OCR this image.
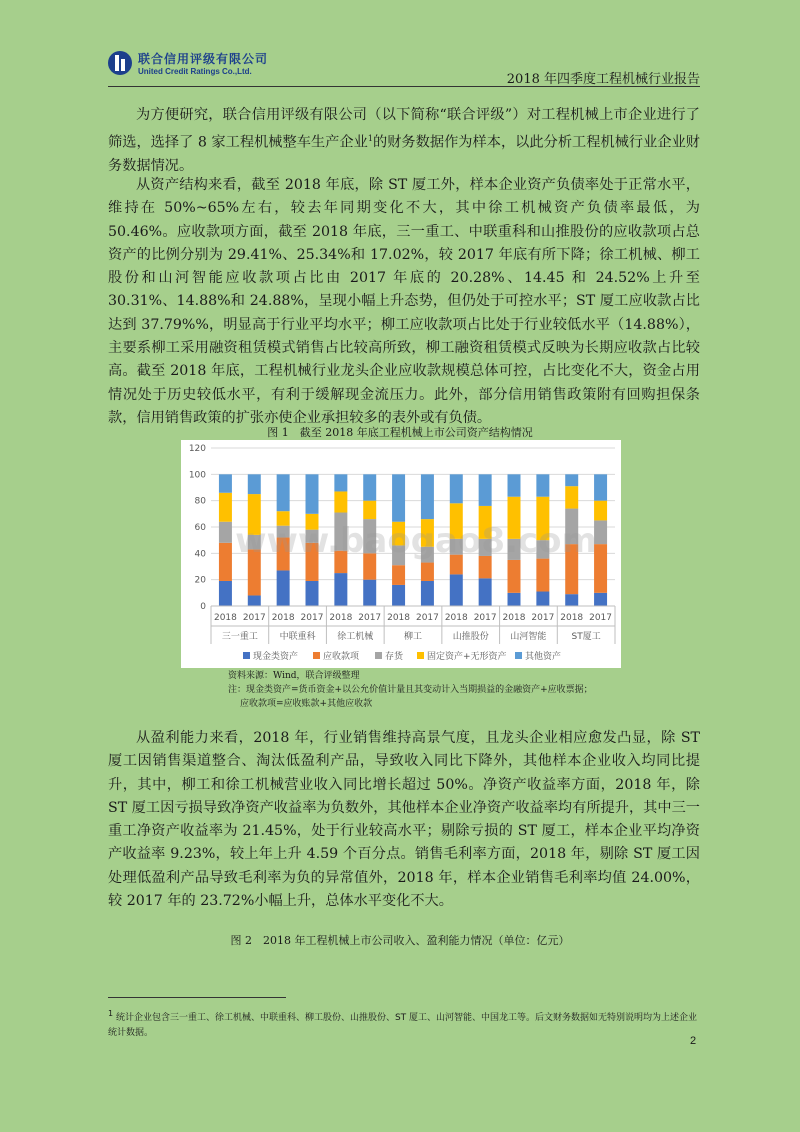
联合信用评级有限公司
United Credit Ratings Co.,Ltd.
2018 年四季度工程机械行业报告

为方便研究，联合信用评级有限公司（以下简称“联合评级”）对工程机械上市企业进行了筛选，选择了 8 家工程机械整车生产企业$^1$的财务数据作为样本，以此分析工程机械行业企业财务数据情况。

从资产结构来看，截至 2018 年底，除 ST 厦工外，样本企业资产负债率处于正常水平，维持在 50%~65%左右，较去年同期变化不大，其中徐工机械资产负债率最低，为 50.46%。应收款项方面，截至 2018 年底，三一重工、中联重科和山推股份的应收款项占总资产的比例分别为 29.41%、25.34%和 17.02%，较 2017 年底有所下降；徐工机械、柳工股份和山河智能应收款项占比由 2017 年底的 20.28%、14.45 和 24.52%上升至 30.31%、14.88%和 24.88%，呈现小幅上升态势，但仍处于可控水平；ST 厦工应收款占比达到 37.79%%，明显高于行业平均水平；柳工应收款项占比处于行业较低水平（14.88%），主要系柳工采用融资租赁模式销售占比较高所致，柳工融资租赁模式反映为长期应收款占比较高。截至 2018 年底，工程机械行业龙头企业应收款规模总体可控，占比变化不大，资金占用情况处于历史较低水平，有利于缓解现金流压力。此外，部分信用销售政策附有回购担保条款，信用销售政策的扩张亦使企业承担较多的表外或有负债。

图 1　截至 2018 年底工程机械上市公司资产结构情况
0
20
40
60
80
100
120
2018 2017 2018 2017 2018 2017 2018 2017 2018 2017 2018 2017 2018 2017
三一重工 中联重科 徐工机械	柳工	山推股份 山河智能	ST厦工
www.baogao8.com
现金类资产	应收款项	存货	固定资产+无形资产 其他资产
资料来源：Wind，联合评级整理
注：现金类资产=货币资金+以公允价值计量且其变动计入当期损益的金融资产+应收票据；
应收款项=应收账款+其他应收款

从盈利能力来看，2018 年，行业销售维持高景气度，且龙头企业相应愈发凸显，除 ST 厦工因销售渠道整合、淘汰低盈利产品，导致收入同比下降外，其他样本企业收入均同比提升，其中，柳工和徐工机械营业收入同比增长超过 50%。净资产收益率方面，2018 年，除 ST 厦工因亏损导致净资产收益率为负数外，其他样本企业净资产收益率均有所提升，其中三一重工净资产收益率为 21.45%，处于行业较高水平；剔除亏损的 ST 厦工，样本企业平均净资产收益率 9.23%，较上年上升 4.59 个百分点。销售毛利率方面，2018 年，剔除 ST 厦工因处理低盈利产品导致毛利率为负的异常值外，2018 年，样本企业销售毛利率均值 24.00%，较 2017 年的 23.72%小幅上升，总体水平变化不大。

图 2　2018 年工程机械上市公司收入、盈利能力情况（单位：亿元）
$^1$ 统计企业包含三一重工、徐工机械、中联重科、柳工股份、山推股份、ST 厦工、山河智能、中国龙工等。后文财务数据如无特别说明均为上述企业统计数据。
2
